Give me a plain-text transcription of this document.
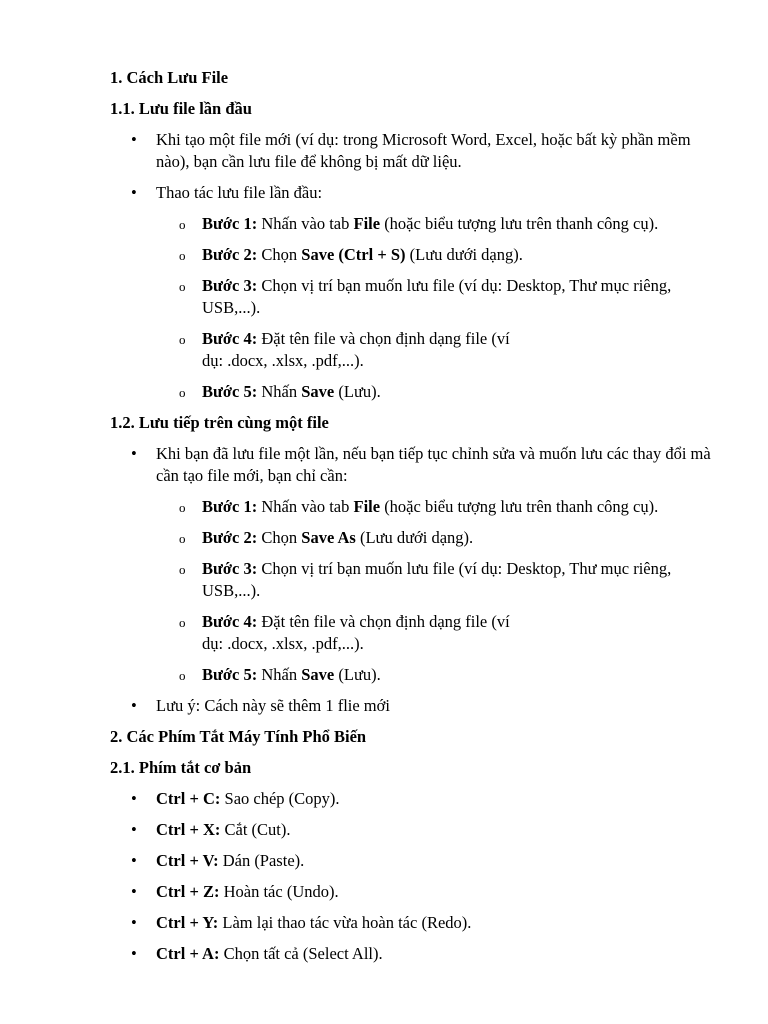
1. Cách Lưu File
1.1. Lưu file lần đầu
• Khi tạo một file mới (ví dụ: trong Microsoft Word, Excel, hoặc bất kỳ phần mềm nào), bạn cần lưu file để không bị mất dữ liệu.
• Thao tác lưu file lần đầu:
o Bước 1: Nhấn vào tab File (hoặc biểu tượng lưu trên thanh công cụ).
o Bước 2: Chọn Save (Ctrl + S) (Lưu dưới dạng).
o Bước 3: Chọn vị trí bạn muốn lưu file (ví dụ: Desktop, Thư mục riêng, USB,...).
o Bước 4: Đặt tên file và chọn định dạng file (ví
dụ: .docx, .xlsx, .pdf,...).
o Bước 5: Nhấn Save (Lưu).
1.2. Lưu tiếp trên cùng một file
• Khi bạn đã lưu file một lần, nếu bạn tiếp tục chỉnh sửa và muốn lưu các thay đổi mà cần tạo file mới, bạn chỉ cần:
o Bước 1: Nhấn vào tab File (hoặc biểu tượng lưu trên thanh công cụ).
o Bước 2: Chọn Save As (Lưu dưới dạng).
o Bước 3: Chọn vị trí bạn muốn lưu file (ví dụ: Desktop, Thư mục riêng, USB,...).
o Bước 4: Đặt tên file và chọn định dạng file (ví
dụ: .docx, .xlsx, .pdf,...).
o Bước 5: Nhấn Save (Lưu).
• Lưu ý: Cách này sẽ thêm 1 flie mới
2. Các Phím Tắt Máy Tính Phổ Biến
2.1. Phím tắt cơ bản
• Ctrl + C: Sao chép (Copy).
• Ctrl + X: Cắt (Cut).
• Ctrl + V: Dán (Paste).
• Ctrl + Z: Hoàn tác (Undo).
• Ctrl + Y: Làm lại thao tác vừa hoàn tác (Redo).
• Ctrl + A: Chọn tất cả (Select All).
